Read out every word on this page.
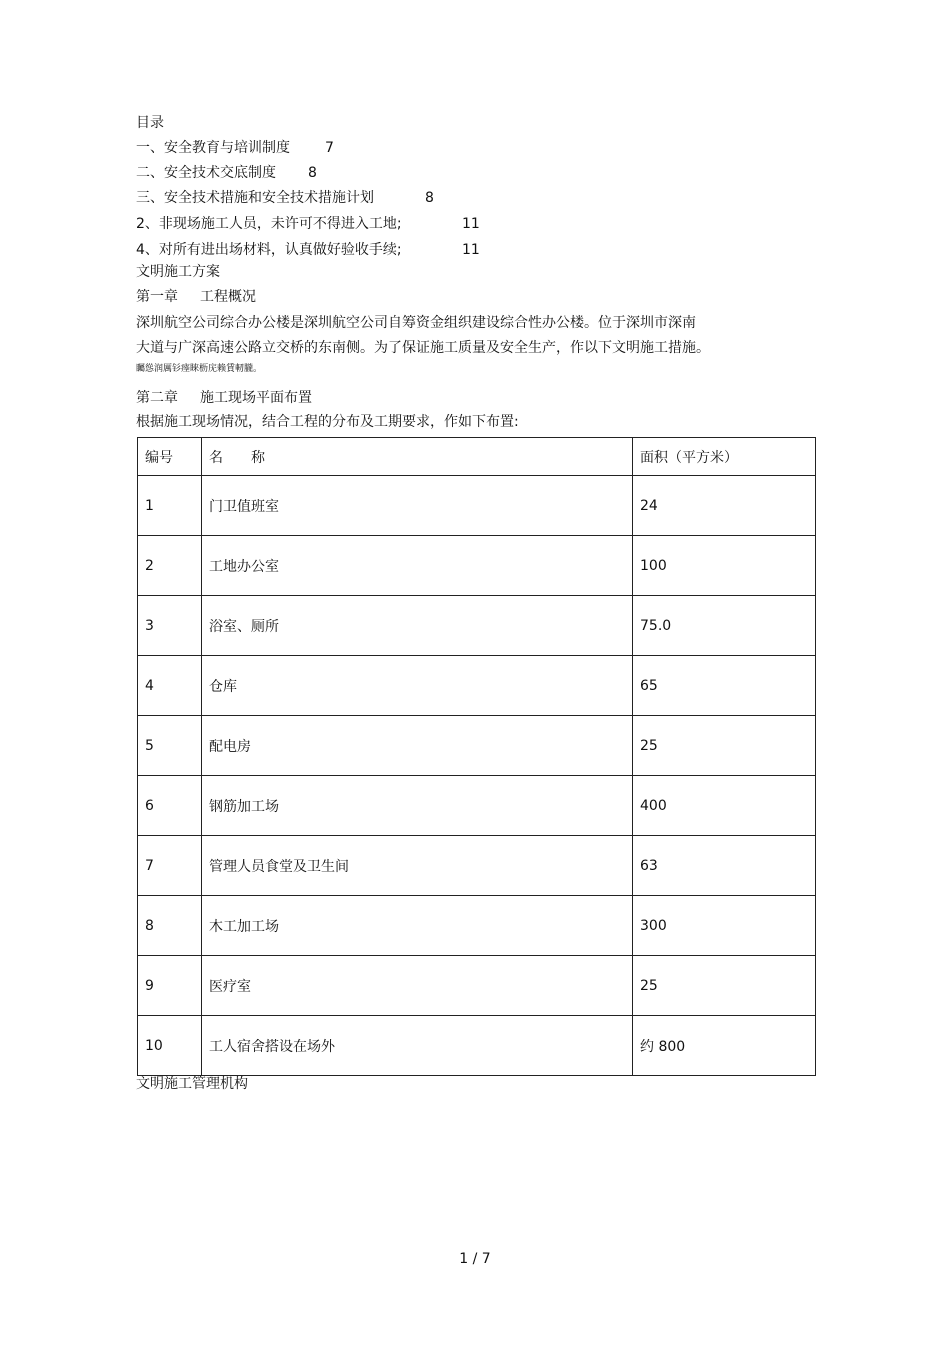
目录
一、安全教育与培训制度	7
二、安全技术交底制度 8
三、安全技术措施和安全技术措施计划	8
2、非现场施工人员，未许可不得进入工地;	11
4、对所有进出场材料，认真做好验收手续;	11
文明施工方案
第一章 工程概况
深圳航空公司综合办公楼是深圳航空公司自筹资金组织建设综合性办公楼。位于深圳市深南
大道与广深高速公路立交桥的东南侧。为了保证施工质量及安全生产，作以下文明施工措施。
矚慫润厲钐瘗睞枥庑赖賃軔朧。
第二章 施工现场平面布置
根据施工现场情况，结合工程的分布及工期要求，作如下布置:
编号	名　　称	面积（平方米）
1	门卫值班室	24
2	工地办公室	100
3	浴室、厕所	75.0
4	仓库	65
5	配电房	25
6	钢筋加工场	400
7	管理人员食堂及卫生间	63
8	木工加工场	300
9	医疗室	25
10	工人宿舍搭设在场外	约 800
文明施工管理机构
1 / 7
